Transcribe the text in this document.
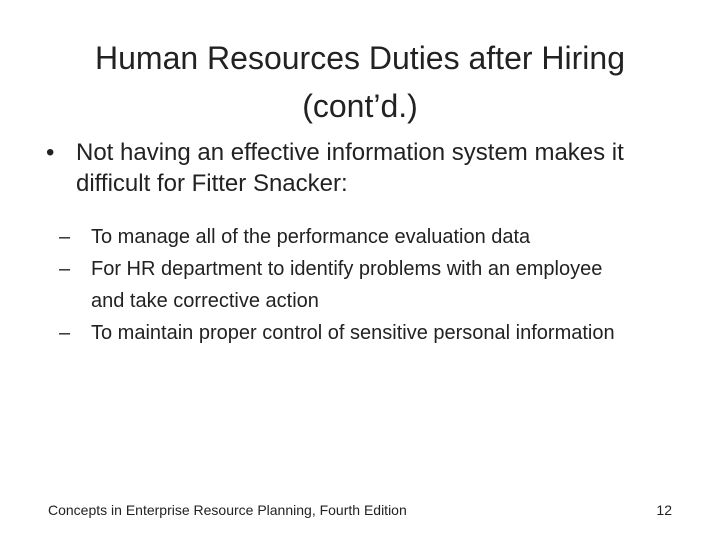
Human Resources Duties after Hiring
(cont’d.)
• Not having an effective information system makes it difficult for Fitter Snacker:
– To manage all of the performance evaluation data
– For HR department to identify problems with an employee and take corrective action
– To maintain proper control of sensitive personal information
Concepts in Enterprise Resource Planning, Fourth Edition	12
